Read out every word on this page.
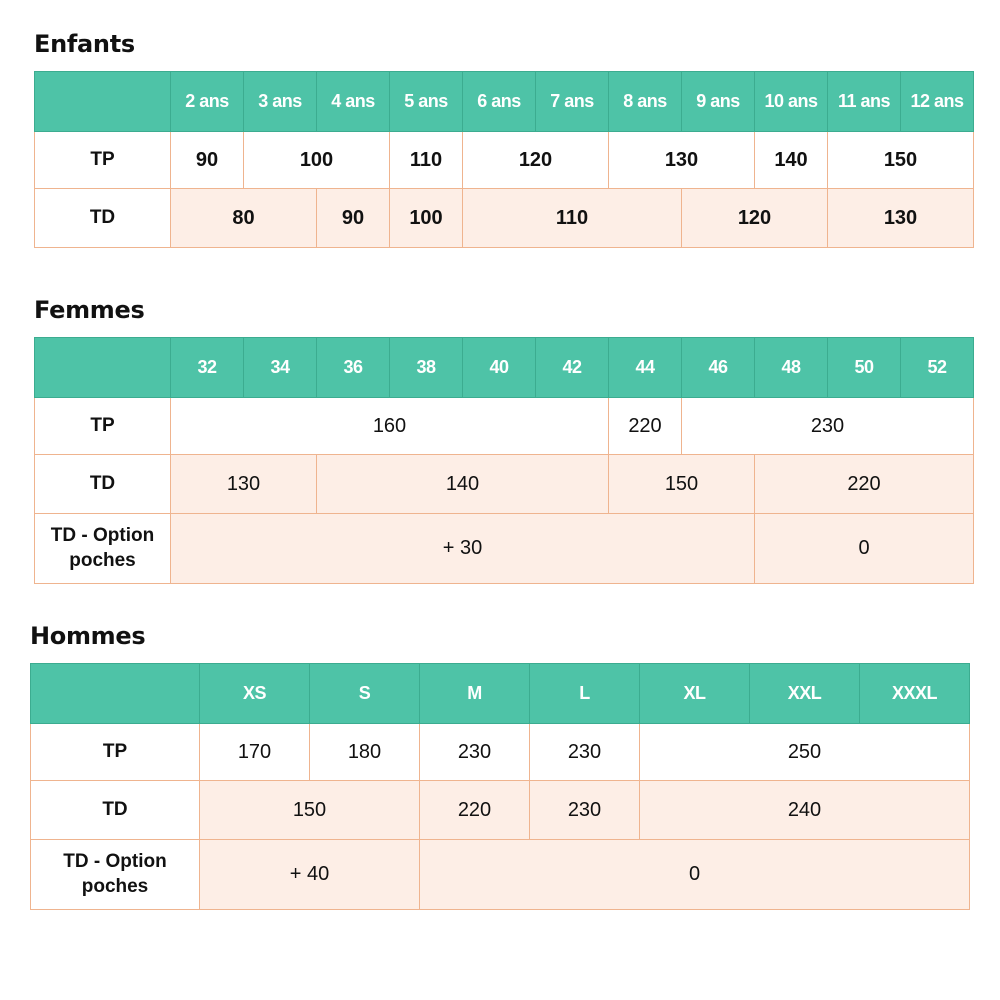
Enfants
	2 ans	3 ans	4 ans	5 ans	6 ans	7 ans	8 ans	9 ans	10 ans	11 ans	12 ans
TP	90	100		110	120		130		140	150	
TD	80		90	100	110			120		130	
Femmes
	32	34	36	38	40	42	44	46	48	50	52
TP	160						220	230			
TD	130		140				150		220		
TD - Option poches	+ 30								0		
Hommes
	XS	S	M	L	XL	XXL	XXXL
TP	170	180	230	230	250		
TD	150		220	230	240		
TD - Option poches	+ 40		0				
